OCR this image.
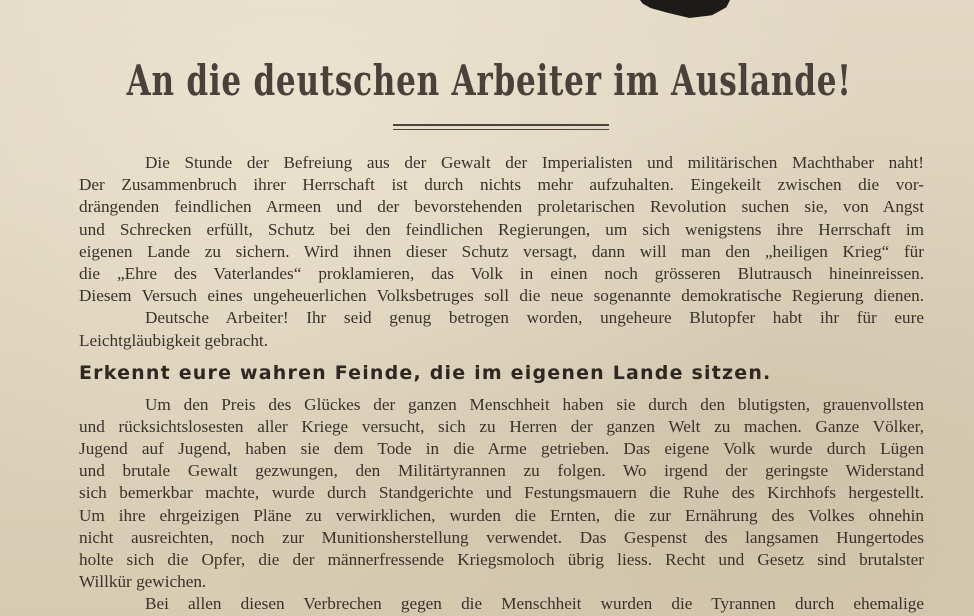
An die deutschen Arbeiter im Auslande!
Die Stunde der Befreiung aus der Gewalt der Imperialisten und militärischen Machthaber naht!
Der Zusammenbruch ihrer Herrschaft ist durch nichts mehr aufzuhalten. Eingekeilt zwischen die vor-
drängenden feindlichen Armeen und der bevorstehenden proletarischen Revolution suchen sie, von Angst
und Schrecken erfüllt, Schutz bei den feindlichen Regierungen, um sich wenigstens ihre Herrschaft im
eigenen Lande zu sichern. Wird ihnen dieser Schutz versagt, dann will man den „heiligen Krieg“ für
die „Ehre des Vaterlandes“ proklamieren, das Volk in einen noch grösseren Blutrausch hineinreissen.
Diesem Versuch eines ungeheuerlichen Volksbetruges soll die neue sogenannte demokratische Regierung dienen.
Deutsche Arbeiter! Ihr seid genug betrogen worden, ungeheure Blutopfer habt ihr für eure
Leichtgläubigkeit gebracht.
Erkennt eure wahren Feinde, die im eigenen Lande sitzen.
Um den Preis des Glückes der ganzen Menschheit haben sie durch den blutigsten, grauenvollsten
und rücksichtslosesten aller Kriege versucht, sich zu Herren der ganzen Welt zu machen. Ganze Völker,
Jugend auf Jugend, haben sie dem Tode in die Arme getrieben. Das eigene Volk wurde durch Lügen
und brutale Gewalt gezwungen, den Militärtyrannen zu folgen. Wo irgend der geringste Widerstand
sich bemerkbar machte, wurde durch Standgerichte und Festungsmauern die Ruhe des Kirchhofs hergestellt.
Um ihre ehrgeizigen Pläne zu verwirklichen, wurden die Ernten, die zur Ernährung des Volkes ohnehin
nicht ausreichten, noch zur Munitionsherstellung verwendet. Das Gespenst des langsamen Hungertodes
holte sich die Opfer, die der männerfressende Kriegsmoloch übrig liess. Recht und Gesetz sind brutalster
Willkür gewichen.
Bei allen diesen Verbrechen gegen die Menschheit wurden die Tyrannen durch ehemalige
